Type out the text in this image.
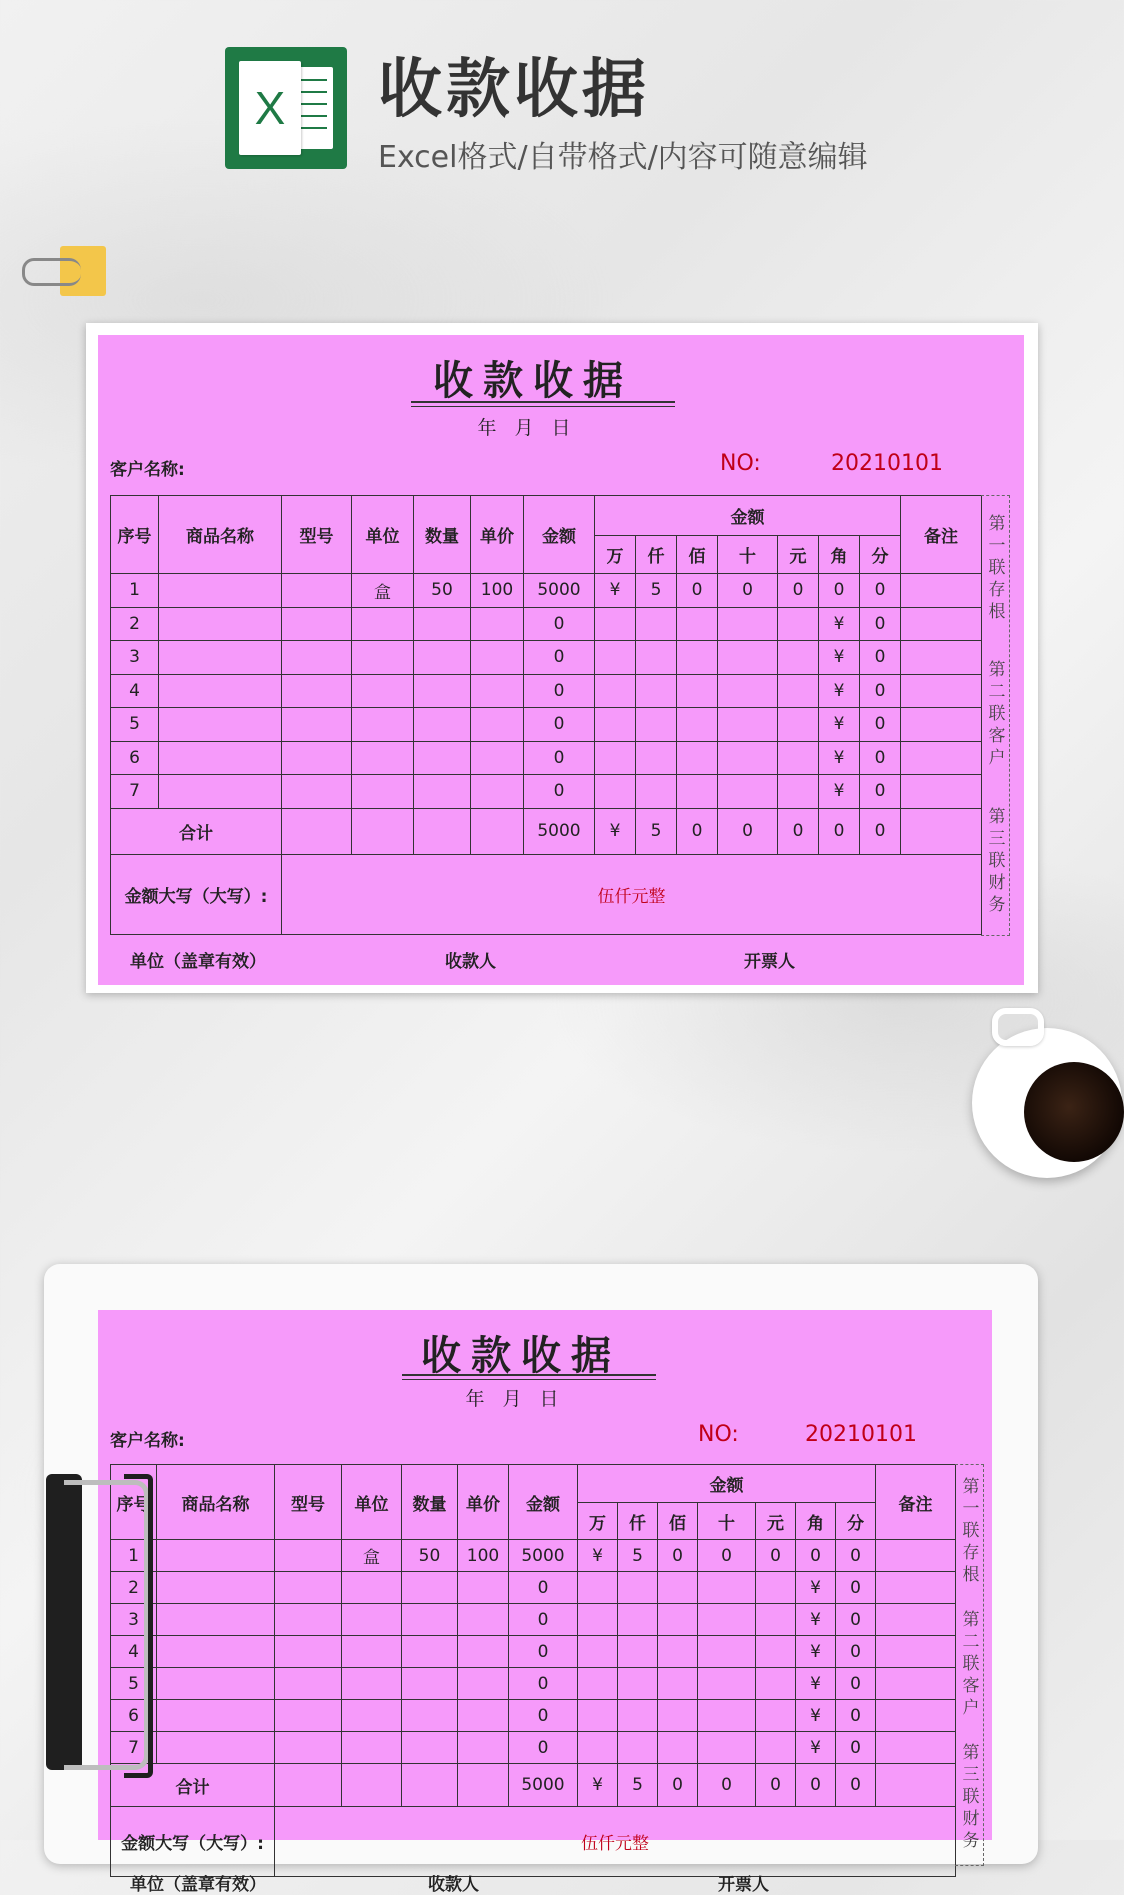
X 收款收据
Excel格式/自带格式/内容可随意编辑
收款收据
年月日
客户名称:	NO:	20210101
序号	商品名称	型号	单位	数量	单价	金额	金额							备注
							万	仟	佰	十	元	角	分	
1			盒	50	100	5000	¥	5	0	0	0	0	0	
2						0						¥	0	
3						0						¥	0	
4						0						¥	0	
5						0						¥	0	
6						0						¥	0	
7						0						¥	0	
合计						5000	¥	5	0	0	0	0	0	
金额大写（大写）:		伍仟元整												
第一联存根
第二联客户
第三联财务
单位（盖章有效）	收款人	开票人
收款收据
年月日
客户名称:	NO:	20210101
序号	商品名称	型号	单位	数量	单价	金额	金额							备注
							万	仟	佰	十	元	角	分	
1			盒	50	100	5000	¥	5	0	0	0	0	0	
2						0						¥	0	
3						0						¥	0	
4						0						¥	0	
5						0						¥	0	
6						0						¥	0	
7						0						¥	0	
合计						5000	¥	5	0	0	0	0	0	
金额大写（大写）:		伍仟元整												
第一联存根
第二联客户
第三联财务
单位（盖章有效）	收款人	开票人
